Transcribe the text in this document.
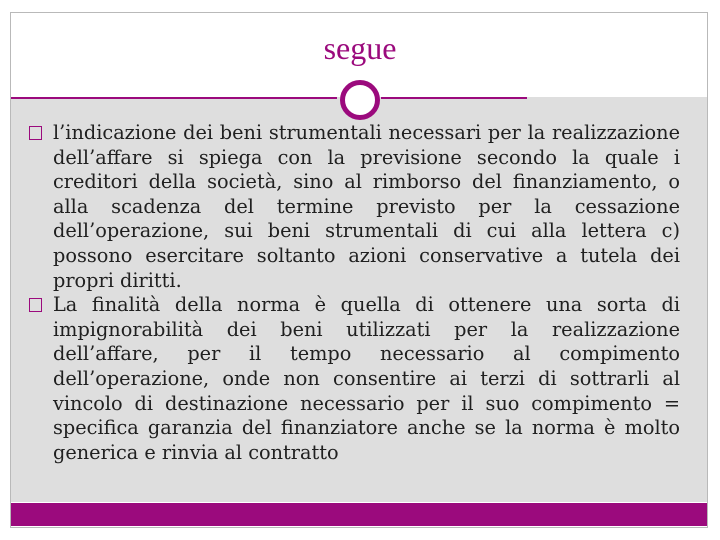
segue
l’indicazione dei beni strumentali necessari per la realizzazione dell’affare si spiega con la previsione secondo la quale i creditori della società, sino al rimborso del finanziamento, o alla scadenza del termine previsto per la cessazione dell’operazione, sui beni strumentali di cui alla lettera c) possono esercitare soltanto azioni conservative a tutela dei propri diritti.
La finalità della norma è quella di ottenere una sorta di impignorabilità dei beni utilizzati per la realizzazione dell’affare, per il tempo necessario al compimento dell’operazione, onde non consentire ai terzi di sottrarli al vincolo di destinazione necessario per il suo compimento = specifica garanzia del finanziatore anche se la norma è molto generica e rinvia al contratto
